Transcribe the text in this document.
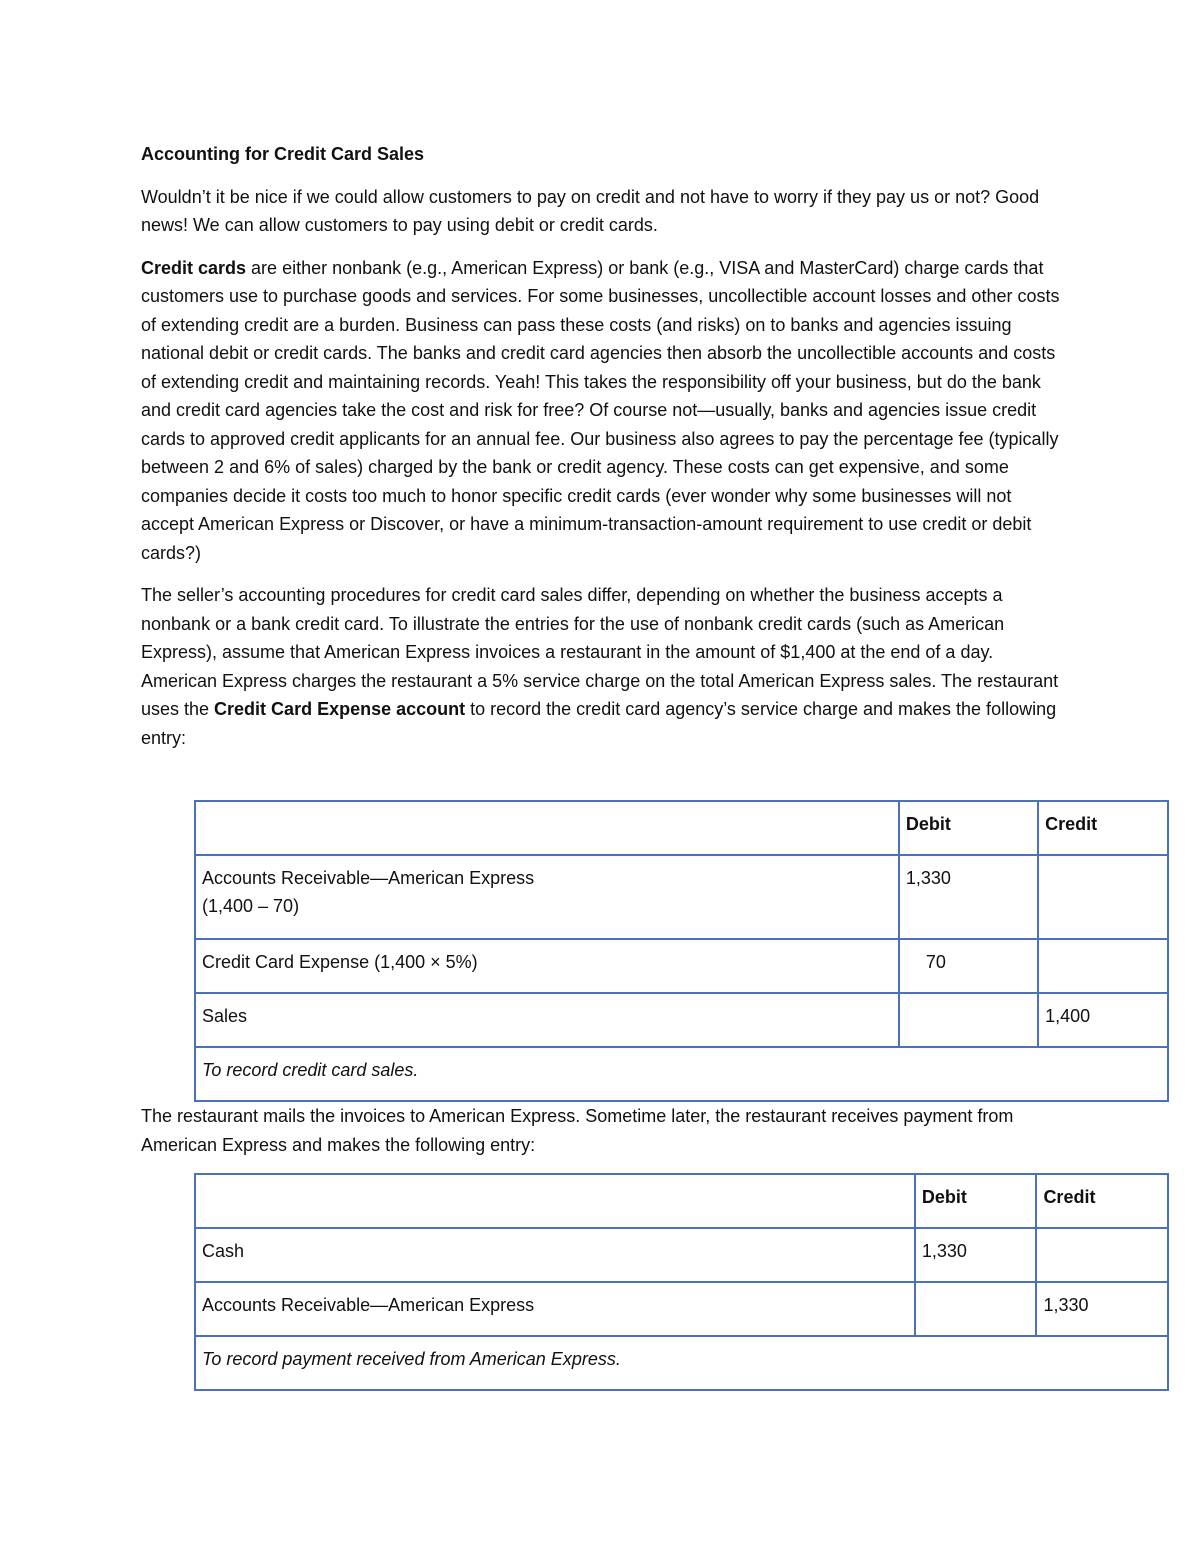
Accounting for Credit Card Sales

Wouldn’t it be nice if we could allow customers to pay on credit and not have to worry if they pay us or not? Good news! We can allow customers to pay using debit or credit cards.

Credit cards are either nonbank (e.g., American Express) or bank (e.g., VISA and MasterCard) charge cards that customers use to purchase goods and services. For some businesses, uncollectible account losses and other costs of extending credit are a burden. Business can pass these costs (and risks) on to banks and agencies issuing national debit or credit cards. The banks and credit card agencies then absorb the uncollectible accounts and costs of extending credit and maintaining records. Yeah! This takes the responsibility off your business, but do the bank and credit card agencies take the cost and risk for free? Of course not—usually, banks and agencies issue credit cards to approved credit applicants for an annual fee. Our business also agrees to pay the percentage fee (typically between 2 and 6% of sales) charged by the bank or credit agency. These costs can get expensive, and some companies decide it costs too much to honor specific credit cards (ever wonder why some businesses will not accept American Express or Discover, or have a minimum-transaction-amount requirement to use credit or debit cards?)

The seller’s accounting procedures for credit card sales differ, depending on whether the business accepts a nonbank or a bank credit card. To illustrate the entries for the use of nonbank credit cards (such as American Express), assume that American Express invoices a restaurant in the amount of $1,400 at the end of a day. American Express charges the restaurant a 5% service charge on the total American Express sales. The restaurant uses the Credit Card Expense account to record the credit card agency’s service charge and makes the following entry:

	Debit	Credit

Accounts Receivable—American Express
(1,400 – 70)	1,330	
Credit Card Expense (1,400 × 5%)	70	
Sales		1,400
To record credit card sales.		
The restaurant mails the invoices to American Express. Sometime later, the restaurant receives payment from American Express and makes the following entry:
	Debit	Credit
Cash	1,330	
Accounts Receivable—American Express		1,330
To record payment received from American Express.		
